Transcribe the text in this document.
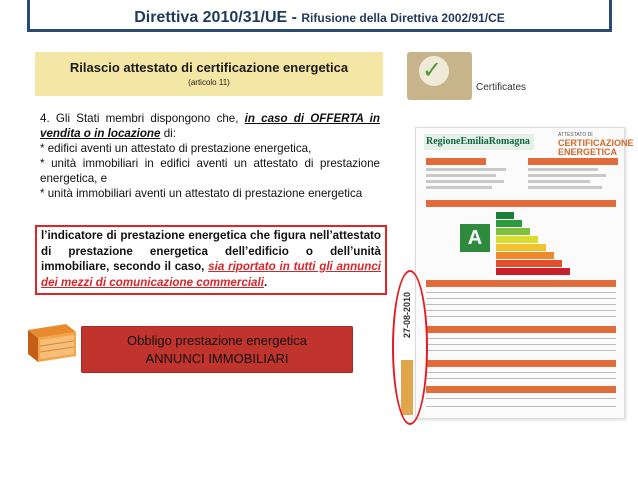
Direttiva 2010/31/UE - Rifusione della Direttiva 2002/91/CE
Rilascio attestato di certificazione energetica
(articolo 11)

4. Gli Stati membri dispongono che, in caso di OFFERTA in vendita o in locazione di:

* edifici aventi un attestato di prestazione energetica,

* unità immobiliari in edifici aventi un attestato di prestazione energetica, e

* unità immobiliari aventi un attestato di prestazione energetica

l’indicatore di prestazione energetica che figura nell’attestato di prestazione energetica dell’edificio o dell’unità immobiliare, secondo il caso, sia riportato in tutti gli annunci dei mezzi di comunicazione commerciali.
Obbligo prestazione energetica
ANNUNCI IMMOBILIARI
✓
Certificates
RegioneEmiliaRomagna
ATTESTATO DI
CERTIFICAZIONE
ENERGETICA
A
27-08-2010
